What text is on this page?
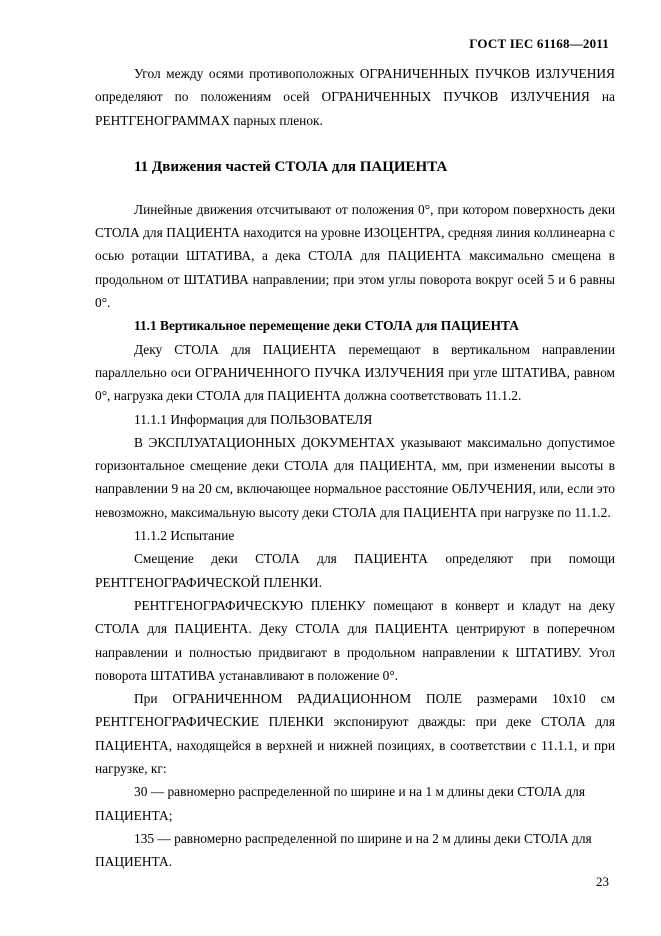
ГОСТ IEC 61168—2011

Угол между осями противоположных ОГРАНИЧЕННЫХ ПУЧКОВ ИЗЛУЧЕНИЯ определяют по положениям осей ОГРАНИЧЕННЫХ ПУЧКОВ ИЗЛУЧЕНИЯ на РЕНТГЕНОГРАММАХ парных пленок.

11 Движения частей СТОЛА для ПАЦИЕНТА

Линейные движения отсчитывают от положения 0°, при котором поверхность деки СТОЛА для ПАЦИЕНТА находится на уровне ИЗОЦЕНТРА, средняя линия коллинеарна с осью ротации ШТАТИВА, а дека СТОЛА для ПАЦИЕНТА максимально смещена в продольном от ШТАТИВА направлении; при этом углы поворота вокруг осей 5 и 6 равны 0°.

11.1 Вертикальное перемещение деки СТОЛА для ПАЦИЕНТА

Деку СТОЛА для ПАЦИЕНТА перемещают в вертикальном направлении параллельно оси ОГРАНИЧЕННОГО ПУЧКА ИЗЛУЧЕНИЯ при угле ШТАТИВА, равном 0°, нагрузка деки СТОЛА для ПАЦИЕНТА должна соответствовать 11.1.2.

11.1.1 Информация для ПОЛЬЗОВАТЕЛЯ

В ЭКСПЛУАТАЦИОННЫХ ДОКУМЕНТАХ указывают максимально допустимое горизонтальное смещение деки СТОЛА для ПАЦИЕНТА, мм, при изменении высоты в направлении 9 на 20 см, включающее нормальное расстояние ОБЛУЧЕНИЯ, или, если это невозможно, максимальную высоту деки СТОЛА для ПАЦИЕНТА при нагрузке по 11.1.2.

11.1.2 Испытание

Смещение деки СТОЛА для ПАЦИЕНТА определяют при помощи РЕНТГЕНОГРАФИЧЕСКОЙ ПЛЕНКИ.

РЕНТГЕНОГРАФИЧЕСКУЮ ПЛЕНКУ помещают в конверт и кладут на деку СТОЛА для ПАЦИЕНТА. Деку СТОЛА для ПАЦИЕНТА центрируют в поперечном направлении и полностью придвигают в продольном направлении к ШТАТИВУ. Угол поворота ШТАТИВА устанавливают в положение 0°.

При ОГРАНИЧЕННОМ РАДИАЦИОННОМ ПОЛЕ размерами 10x10 см РЕНТГЕНОГРАФИЧЕСКИЕ ПЛЕНКИ экспонируют дважды: при деке СТОЛА для ПАЦИЕНТА, находящейся в верхней и нижней позициях, в соответствии с 11.1.1, и при нагрузке, кг:

30 — равномерно распределенной по ширине и на 1 м длины деки СТОЛА для ПАЦИЕНТА;

135 — равномерно распределенной по ширине и на 2 м длины деки СТОЛА для ПАЦИЕНТА.

23
